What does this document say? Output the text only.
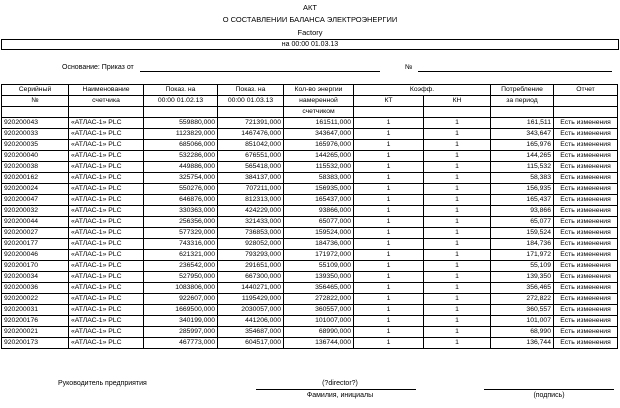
АКТ
О СОСТАВЛЕНИИ БАЛАНСА ЭЛЕКТРОЭНЕРГИИ
Factory
на 00:00 01.03.13
Основание: Приказ от	№
Серийный	Наименование	Показ. на	Показ. на	Кол-во энергии	Коэфф.		Потребление	Отчет
№	счетчика	00:00 01.02.13	00:00 01.03.13	намеренной	КТ	КН	за период	
				счетчиком				
920200043	«АТЛАС-1» PLC	559880,000	721391,000	161511,000	1	1	161,511	Есть изменения
920200033	«АТЛАС-1» PLC	1123829,000	1467476,000	343647,000	1	1	343,647	Есть изменения
920200035	«АТЛАС-1» PLC	685066,000	851042,000	165976,000	1	1	165,976	Есть изменения
920200040	«АТЛАС-1» PLC	532286,000	676551,000	144265,000	1	1	144,265	Есть изменения
920200038	«АТЛАС-1» PLC	449886,000	565418,000	115532,000	1	1	115,532	Есть изменения
920200162	«АТЛАС-1» PLC	325754,000	384137,000	58383,000	1	1	58,383	Есть изменения
920200024	«АТЛАС-1» PLC	550276,000	707211,000	156935,000	1	1	156,935	Есть изменения
920200047	«АТЛАС-1» PLC	646876,000	812313,000	165437,000	1	1	165,437	Есть изменения
920200032	«АТЛАС-1» PLC	330363,000	424229,000	93866,000	1	1	93,866	Есть изменения
920200044	«АТЛАС-1» PLC	256356,000	321433,000	65077,000	1	1	65,077	Есть изменения
920200027	«АТЛАС-1» PLC	577329,000	736853,000	159524,000	1	1	159,524	Есть изменения
920200177	«АТЛАС-1» PLC	743316,000	928052,000	184736,000	1	1	184,736	Есть изменения
920200046	«АТЛАС-1» PLC	621321,000	793293,000	171972,000	1	1	171,972	Есть изменения
920200170	«АТЛАС-1» PLC	236542,000	291651,000	55109,000	1	1	55,109	Есть изменения
920200034	«АТЛАС-1» PLC	527950,000	667300,000	139350,000	1	1	139,350	Есть изменения
920200036	«АТЛАС-1» PLC	1083806,000	1440271,000	356465,000	1	1	356,465	Есть изменения
920200022	«АТЛАС-1» PLC	922607,000	1195429,000	272822,000	1	1	272,822	Есть изменения
920200031	«АТЛАС-1» PLC	1669500,000	2030057,000	360557,000	1	1	360,557	Есть изменения
920200176	«АТЛАС-1» PLC	340199,000	441206,000	101007,000	1	1	101,007	Есть изменения
920200021	«АТЛАС-1» PLC	285997,000	354687,000	68990,000	1	1	68,990	Есть изменения
920200173	«АТЛАС-1» PLC	467773,000	604517,000	136744,000	1	1	136,744	Есть изменения
Руководитель предприятия	(?director?)
Фамилия, инициалы	(подпись)
